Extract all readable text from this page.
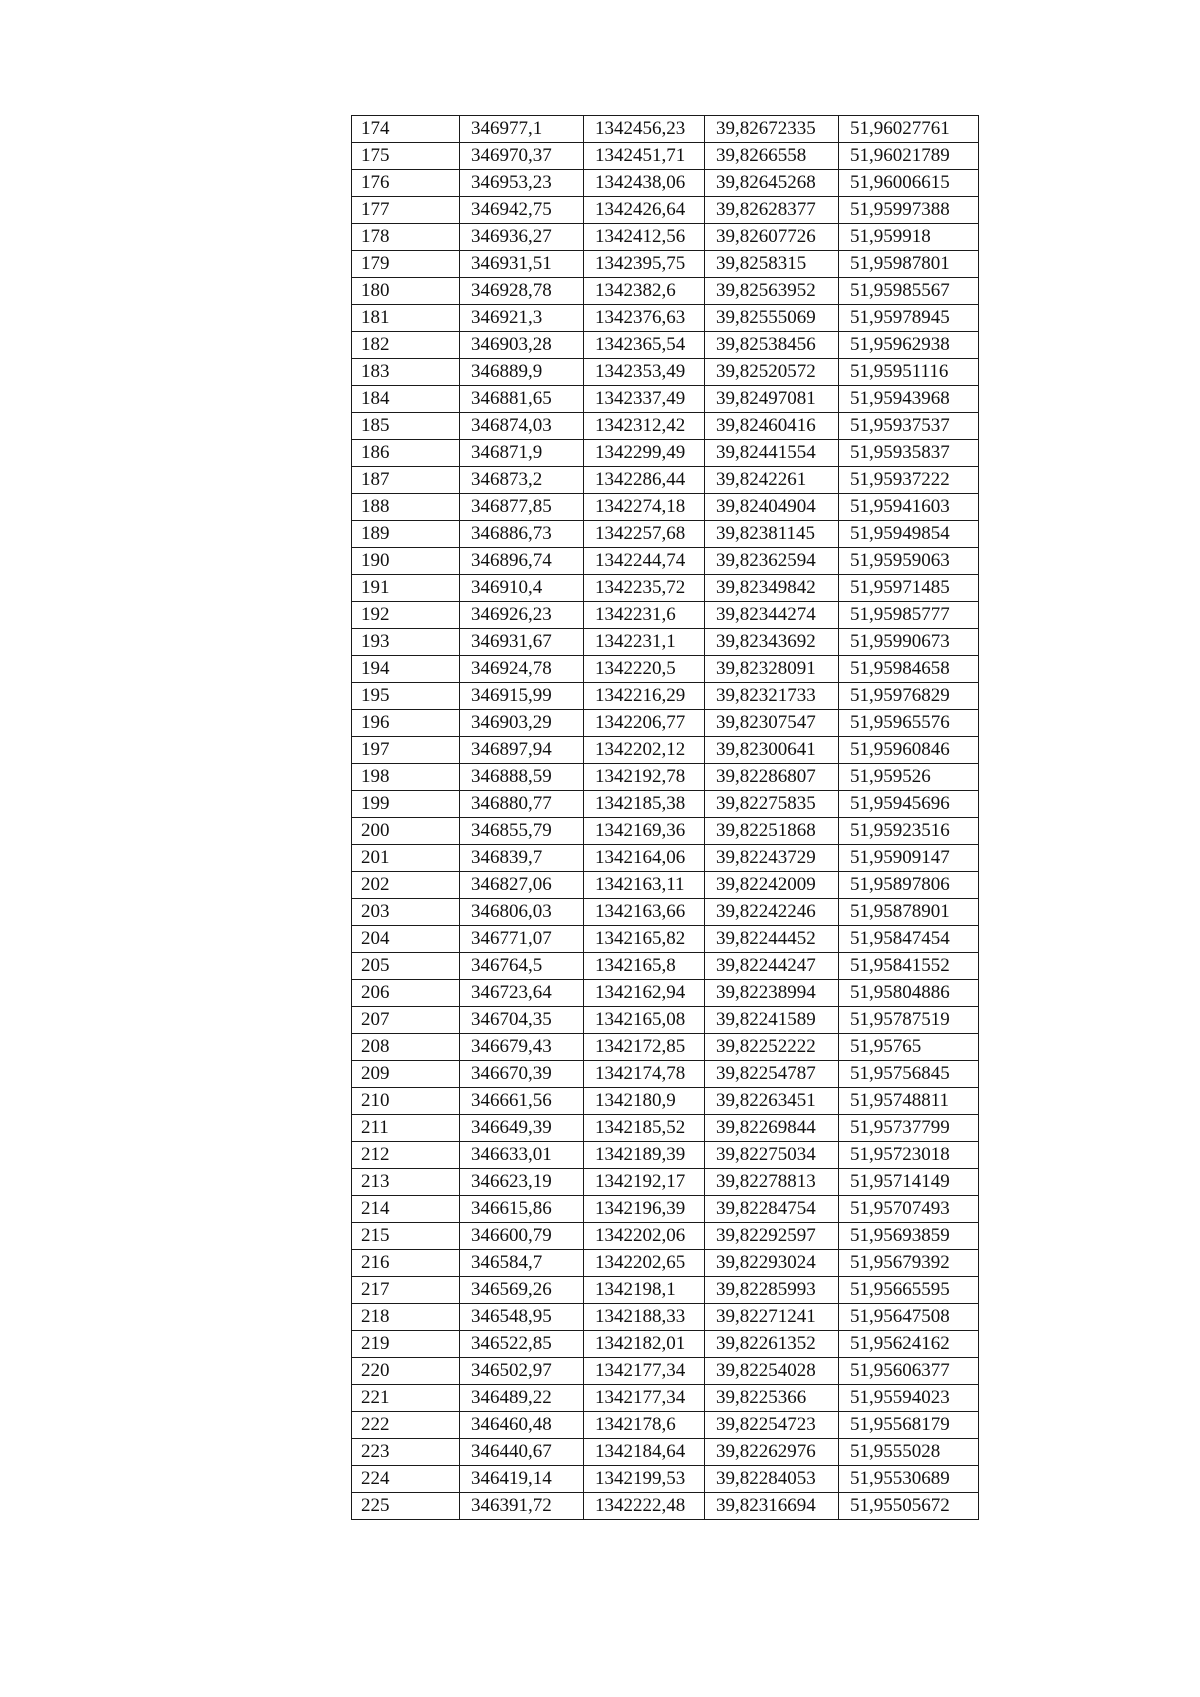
174	346977,1	1342456,23	39,82672335	51,96027761
175	346970,37	1342451,71	39,8266558	51,96021789
176	346953,23	1342438,06	39,82645268	51,96006615
177	346942,75	1342426,64	39,82628377	51,95997388
178	346936,27	1342412,56	39,82607726	51,959918
179	346931,51	1342395,75	39,8258315	51,95987801
180	346928,78	1342382,6	39,82563952	51,95985567
181	346921,3	1342376,63	39,82555069	51,95978945
182	346903,28	1342365,54	39,82538456	51,95962938
183	346889,9	1342353,49	39,82520572	51,95951116
184	346881,65	1342337,49	39,82497081	51,95943968
185	346874,03	1342312,42	39,82460416	51,95937537
186	346871,9	1342299,49	39,82441554	51,95935837
187	346873,2	1342286,44	39,8242261	51,95937222
188	346877,85	1342274,18	39,82404904	51,95941603
189	346886,73	1342257,68	39,82381145	51,95949854
190	346896,74	1342244,74	39,82362594	51,95959063
191	346910,4	1342235,72	39,82349842	51,95971485
192	346926,23	1342231,6	39,82344274	51,95985777
193	346931,67	1342231,1	39,82343692	51,95990673
194	346924,78	1342220,5	39,82328091	51,95984658
195	346915,99	1342216,29	39,82321733	51,95976829
196	346903,29	1342206,77	39,82307547	51,95965576
197	346897,94	1342202,12	39,82300641	51,95960846
198	346888,59	1342192,78	39,82286807	51,959526
199	346880,77	1342185,38	39,82275835	51,95945696
200	346855,79	1342169,36	39,82251868	51,95923516
201	346839,7	1342164,06	39,82243729	51,95909147
202	346827,06	1342163,11	39,82242009	51,95897806
203	346806,03	1342163,66	39,82242246	51,95878901
204	346771,07	1342165,82	39,82244452	51,95847454
205	346764,5	1342165,8	39,82244247	51,95841552
206	346723,64	1342162,94	39,82238994	51,95804886
207	346704,35	1342165,08	39,82241589	51,95787519
208	346679,43	1342172,85	39,82252222	51,95765
209	346670,39	1342174,78	39,82254787	51,95756845
210	346661,56	1342180,9	39,82263451	51,95748811
211	346649,39	1342185,52	39,82269844	51,95737799
212	346633,01	1342189,39	39,82275034	51,95723018
213	346623,19	1342192,17	39,82278813	51,95714149
214	346615,86	1342196,39	39,82284754	51,95707493
215	346600,79	1342202,06	39,82292597	51,95693859
216	346584,7	1342202,65	39,82293024	51,95679392
217	346569,26	1342198,1	39,82285993	51,95665595
218	346548,95	1342188,33	39,82271241	51,95647508
219	346522,85	1342182,01	39,82261352	51,95624162
220	346502,97	1342177,34	39,82254028	51,95606377
221	346489,22	1342177,34	39,8225366	51,95594023
222	346460,48	1342178,6	39,82254723	51,95568179
223	346440,67	1342184,64	39,82262976	51,9555028
224	346419,14	1342199,53	39,82284053	51,95530689
225	346391,72	1342222,48	39,82316694	51,95505672
